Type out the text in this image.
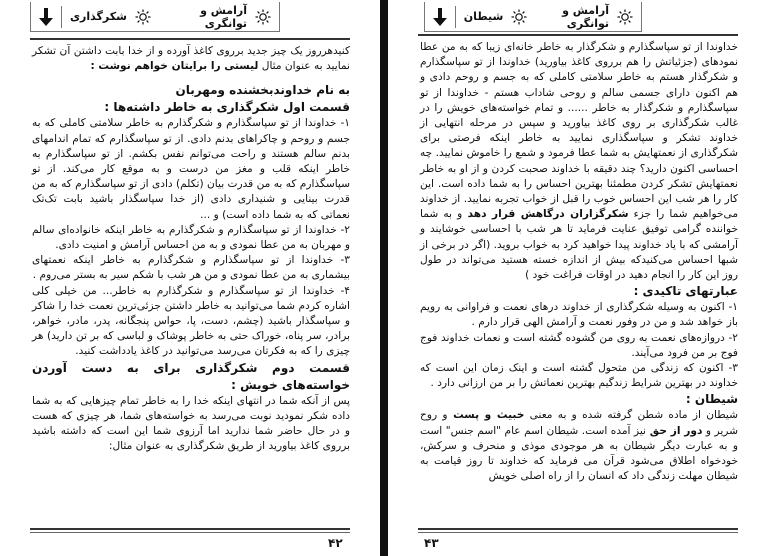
آرامش و توانگری
شکرگذاری

کنیدهرروز یک چیز جدید برروی کاغذ آورده و از خدا بابت داشتن آن تشکر نمایید به عنوان مثال لیستی را برایتان خواهم نوشت :

به نام خداوندبخشنده ومهربان

قسمت اول شکرگذاری به خاطر داشته‌ها :

۱- خداوندا از تو سپاسگذارم و شکرگذارم به خاطر سلامتی کاملی که به جسم و روحم و چاکراهای بدنم دادی. از تو سپاسگذارم که تمام اندامهای بدنم سالم هستند و راحت می‌توانم نفس بکشم. از تو سپاسگذارم به خاطر اینکه قلب و مغز من درست و به موقع کار می‌کند. از تو سپاسگذارم که به من قدرت بیان (تکلم) دادی از تو سپاسگذارم که به من قدرت بینایی و شنیداری دادی (از خدا سپاسگذار باشید بابت تک‌تک نعماتی که به شما داده است) و ...

۲- خداوندا از تو سپاسگذارم و شکرگذارم به خاطر اینکه خانواده‌ای سالم و مهربان به من عطا نمودی و به من احساس آرامش و امنیت دادی.

۳- خداوندا از تو سپاسگذارم و شکرگذارم به خاطر اینکه نعمتهای بیشماری به من عطا نمودی و من هر شب با شکم سیر به بستر می‌روم .

۴- خداوندا از تو سپاسگذارم و شکرگذارم به خاطر... من خیلی کلی اشاره کردم شما می‌توانید به خاطر داشتن جزئی‌ترین نعمت خدا را شاکر و سپاسگذار باشید (چشم، دست، پا، حواس پنجگانه، پدر، مادر، خواهر، برادر، سر پناه، خوراک حتی به خاطر پوشاک و لباسی که بر تن دارید) هر چیزی را که به فکرتان می‌رسد می‌توانید در کاغذ یادداشت کنید.

قسمت دوم شکرگذاری برای به دست آوردن خواسته‌های خویش :

پس از آنکه شما در انتهای اینکه خدا را به خاطر تمام چیزهایی که به شما داده شکر نمودید نوبت می‌رسد به خواسته‌های شما، هر چیزی که هست و در حال حاضر شما ندارید اما آرزوی شما این است که داشته باشید برروی کاغذ بیاورید از طریق شکرگذاری به عنوان مثال:

۴۲
آرامش و توانگری
شیطان

خداوندا از تو سپاسگذارم و شکرگذار به خاطر خانه‌ای زیبا که به من عطا نمودهای (جزئیاتش را هم برروی کاغذ بیاورید) خداوندا از تو سپاسگذارم و شکرگذار هستم به خاطر سلامتی کاملی که به جسم و روحم دادی و هم اکنون دارای جسمی سالم و روحی شاداب هستم - خداوندا از تو سپاسگذارم و شکرگذار به خاطر ...... و تمام خواسته‌های خویش را در غالب شکرگذاری بر روی کاغذ بیاورید و سپس در مرحله انتهایی از خداوند تشکر و سپاسگذاری نمایید به خاطر اینکه فرصتی برای شکرگذاری از نعمتهایش به شما عطا فرمود و شمع را خاموش نمایید. چه احساسی اکنون دارید؟ چند دقیقه با خداوند صحبت کردن و از او به خاطر نعمتهایش تشکر کردن مطمئنا بهترین احساس را به شما داده است. این کار را هر شب این احساس خوب را قبل از خواب تجربه نمایید. از خداوند می‌خواهیم شما را جزء شکرگزاران درگاهش قرار دهد و به شما خواننده گرامی توفیق عنایت فرماید تا هر شب با احساسی خوشایند و آرامشی که با یاد خداوند پیدا خواهید کرد به خواب بروید. (اگر در برخی از شبها احساس می‌کنیدکه بیش از اندازه خسته هستید می‌تواند در طول روز این کار را انجام دهید در اوقات فراغت خود )

عبارتهای تاکیدی :

۱- اکنون به وسیله شکرگذاری از خداوند درهای نعمت و فراوانی به رویم باز خواهد شد و من در وفور نعمت و آرامش الهی قرار دارم .

۲- دروازه‌های نعمت به روی من گشوده گشته است و نعمات خداوند فوج فوج بر من فرود می‌آیند.

۳- اکنون که زندگی من متحول گشته است و اینک زمان این است که خداوند در بهترین شرایط زندگیم بهترین نعماتش را بر من ارزانی دارد .

شیطان :

شیطان از ماده شطن گرفته شده و به معنی خبیث و پست و روح شریر و دور از حق نیز آمده است. شیطان اسم عام "اسم جنس" است و به عبارت دیگر شیطان به هر موجودی موذی و منحرف و سرکش، خودخواه اطلاق می‌شود قرآن می فرماید که خداوند تا روز قیامت به شیطان مهلت زندگی داد که انسان را از راه اصلی خویش

۴۳
